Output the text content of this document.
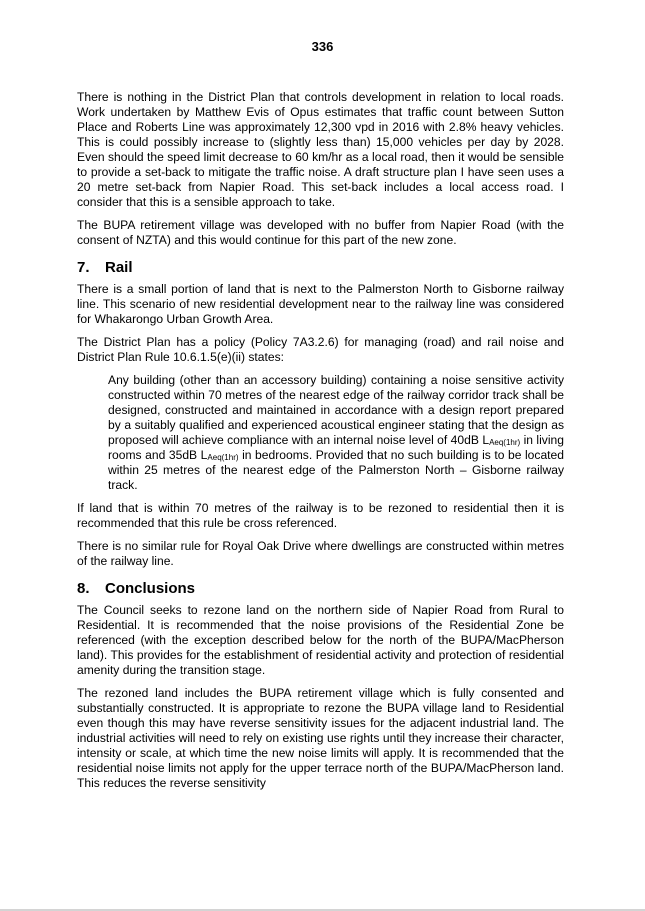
336

There is nothing in the District Plan that controls development in relation to local roads. Work undertaken by Matthew Evis of Opus estimates that traffic count between Sutton Place and Roberts Line was approximately 12,300 vpd in 2016 with 2.8% heavy vehicles. This is could possibly increase to (slightly less than) 15,000 vehicles per day by 2028. Even should the speed limit decrease to 60 km/hr as a local road, then it would be sensible to provide a set-back to mitigate the traffic noise. A draft structure plan I have seen uses a 20 metre set-back from Napier Road. This set-back includes a local access road. I consider that this is a sensible approach to take.

The BUPA retirement village was developed with no buffer from Napier Road (with the consent of NZTA) and this would continue for this part of the new zone.

7. Rail

There is a small portion of land that is next to the Palmerston North to Gisborne railway line. This scenario of new residential development near to the railway line was considered for Whakarongo Urban Growth Area.

The District Plan has a policy (Policy 7A3.2.6) for managing (road) and rail noise and District Plan Rule 10.6.1.5(e)(ii) states:

Any building (other than an accessory building) containing a noise sensitive activity constructed within 70 metres of the nearest edge of the railway corridor track shall be designed, constructed and maintained in accordance with a design report prepared by a suitably qualified and experienced acoustical engineer stating that the design as proposed will achieve compliance with an internal noise level of 40dB $L_{Aeq(1hr)}$ in living rooms and 35dB $L_{Aeq(1hr)}$ in bedrooms. Provided that no such building is to be located within 25 metres of the nearest edge of the Palmerston North – Gisborne railway track.

If land that is within 70 metres of the railway is to be rezoned to residential then it is recommended that this rule be cross referenced.

There is no similar rule for Royal Oak Drive where dwellings are constructed within metres of the railway line.

8. Conclusions

The Council seeks to rezone land on the northern side of Napier Road from Rural to Residential. It is recommended that the noise provisions of the Residential Zone be referenced (with the exception described below for the north of the BUPA/MacPherson land). This provides for the establishment of residential activity and protection of residential amenity during the transition stage.

The rezoned land includes the BUPA retirement village which is fully consented and substantially constructed. It is appropriate to rezone the BUPA village land to Residential even though this may have reverse sensitivity issues for the adjacent industrial land. The industrial activities will need to rely on existing use rights until they increase their character, intensity or scale, at which time the new noise limits will apply. It is recommended that the residential noise limits not apply for the upper terrace north of the BUPA/MacPherson land. This reduces the reverse sensitivity
